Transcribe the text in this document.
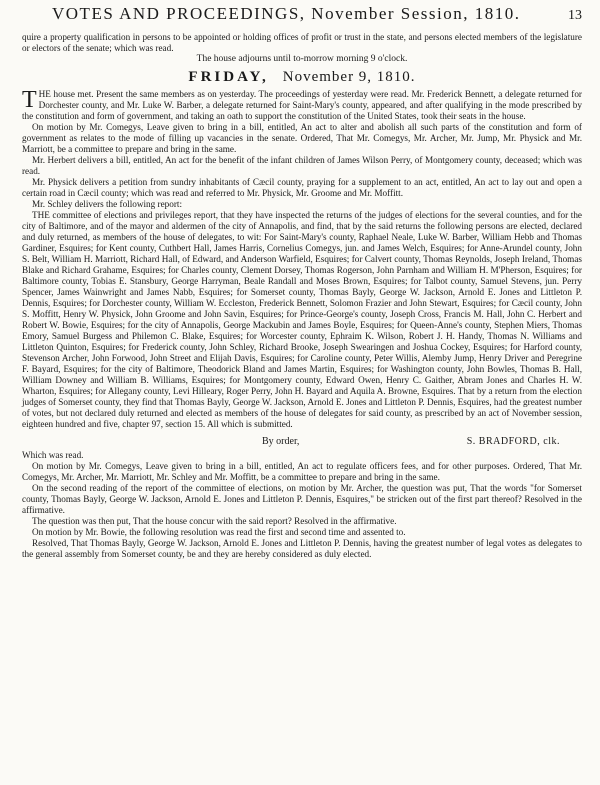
VOTES AND PROCEEDINGS, November Session, 1810.	13

quire a property qualification in persons to be appointed or holding offices of profit or trust in the state, and persons elected members of the legislature or electors of the senate; which was read.

The house adjourns until to-morrow morning 9 o'clock.

FRIDAY, November 9, 1810.

THE house met. Present the same members as on yesterday. The proceedings of yesterday were read. Mr. Frederick Bennett, a delegate returned for Dorchester county, and Mr. Luke W. Barber, a delegate returned for Saint-Mary's county, appeared, and after qualifying in the mode prescribed by the constitution and form of government, and taking an oath to support the constitution of the United States, took their seats in the house.

On motion by Mr. Comegys, Leave given to bring in a bill, entitled, An act to alter and abolish all such parts of the constitution and form of government as relates to the mode of filling up vacancies in the senate. Ordered, That Mr. Comegys, Mr. Archer, Mr. Jump, Mr. Physick and Mr. Marriott, be a committee to prepare and bring in the same.

Mr. Herbert delivers a bill, entitled, An act for the benefit of the infant children of James Wilson Perry, of Montgomery county, deceased; which was read.

Mr. Physick delivers a petition from sundry inhabitants of Cæcil county, praying for a supplement to an act, entitled, An act to lay out and open a certain road in Cæcil county; which was read and referred to Mr. Physick, Mr. Groome and Mr. Moffitt.

Mr. Schley delivers the following report:

THE committee of elections and privileges report, that they have inspected the returns of the judges of elections for the several counties, and for the city of Baltimore, and of the mayor and aldermen of the city of Annapolis, and find, that by the said returns the following persons are elected, declared and duly returned, as members of the house of delegates, to wit: For Saint-Mary's county, Raphael Neale, Luke W. Barber, William Hebb and Thomas Gardiner, Esquires; for Kent county, Cuthbert Hall, James Harris, Cornelius Comegys, jun. and James Welch, Esquires; for Anne-Arundel county, John S. Belt, William H. Marriott, Richard Hall, of Edward, and Anderson Warfield, Esquires; for Calvert county, Thomas Reynolds, Joseph Ireland, Thomas Blake and Richard Grahame, Esquires; for Charles county, Clement Dorsey, Thomas Rogerson, John Parnham and William H. M'Pherson, Esquires; for Baltimore county, Tobias E. Stansbury, George Harryman, Beale Randall and Moses Brown, Esquires; for Talbot county, Samuel Stevens, jun. Perry Spencer, James Wainwright and James Nabb, Esquires; for Somerset county, Thomas Bayly, George W. Jackson, Arnold E. Jones and Littleton P. Dennis, Esquires; for Dorchester county, William W. Eccleston, Frederick Bennett, Solomon Frazier and John Stewart, Esquires; for Cæcil county, John S. Moffitt, Henry W. Physick, John Groome and John Savin, Esquires; for Prince-George's county, Joseph Cross, Francis M. Hall, John C. Herbert and Robert W. Bowie, Esquires; for the city of Annapolis, George Mackubin and James Boyle, Esquires; for Queen-Anne's county, Stephen Miers, Thomas Emory, Samuel Burgess and Philemon C. Blake, Esquires; for Worcester county, Ephraim K. Wilson, Robert J. H. Handy, Thomas N. Williams and Littleton Quinton, Esquires; for Frederick county, John Schley, Richard Brooke, Joseph Swearingen and Joshua Cockey, Esquires; for Harford county, Stevenson Archer, John Forwood, John Street and Elijah Davis, Esquires; for Caroline county, Peter Willis, Alemby Jump, Henry Driver and Peregrine F. Bayard, Esquires; for the city of Baltimore, Theodorick Bland and James Martin, Esquires; for Washington county, John Bowles, Thomas B. Hall, William Downey and William B. Williams, Esquires; for Montgomery county, Edward Owen, Henry C. Gaither, Abram Jones and Charles H. W. Wharton, Esquires; for Allegany county, Levi Hilleary, Roger Perry, John H. Bayard and Aquila A. Browne, Esquires. That by a return from the election judges of Somerset county, they find that Thomas Bayly, George W. Jackson, Arnold E. Jones and Littleton P. Dennis, Esquires, had the greatest number of votes, but not declared duly returned and elected as members of the house of delegates for said county, as prescribed by an act of November session, eighteen hundred and five, chapter 97, section 15. All which is submitted.

By order,	S. BRADFORD, clk.

Which was read.

On motion by Mr. Comegys, Leave given to bring in a bill, entitled, An act to regulate officers fees, and for other purposes. Ordered, That Mr. Comegys, Mr. Archer, Mr. Marriott, Mr. Schley and Mr. Moffitt, be a committee to prepare and bring in the same.

On the second reading of the report of the committee of elections, on motion by Mr. Archer, the question was put, That the words "for Somerset county, Thomas Bayly, George W. Jackson, Arnold E. Jones and Littleton P. Dennis, Esquires," be stricken out of the first part thereof? Resolved in the affirmative.

The question was then put, That the house concur with the said report? Resolved in the affirmative.

On motion by Mr. Bowie, the following resolution was read the first and second time and assented to.

Resolved, That Thomas Bayly, George W. Jackson, Arnold E. Jones and Littleton P. Dennis, having the greatest number of legal votes as delegates to the general assembly from Somerset county, be and they are hereby considered as duly elected.
